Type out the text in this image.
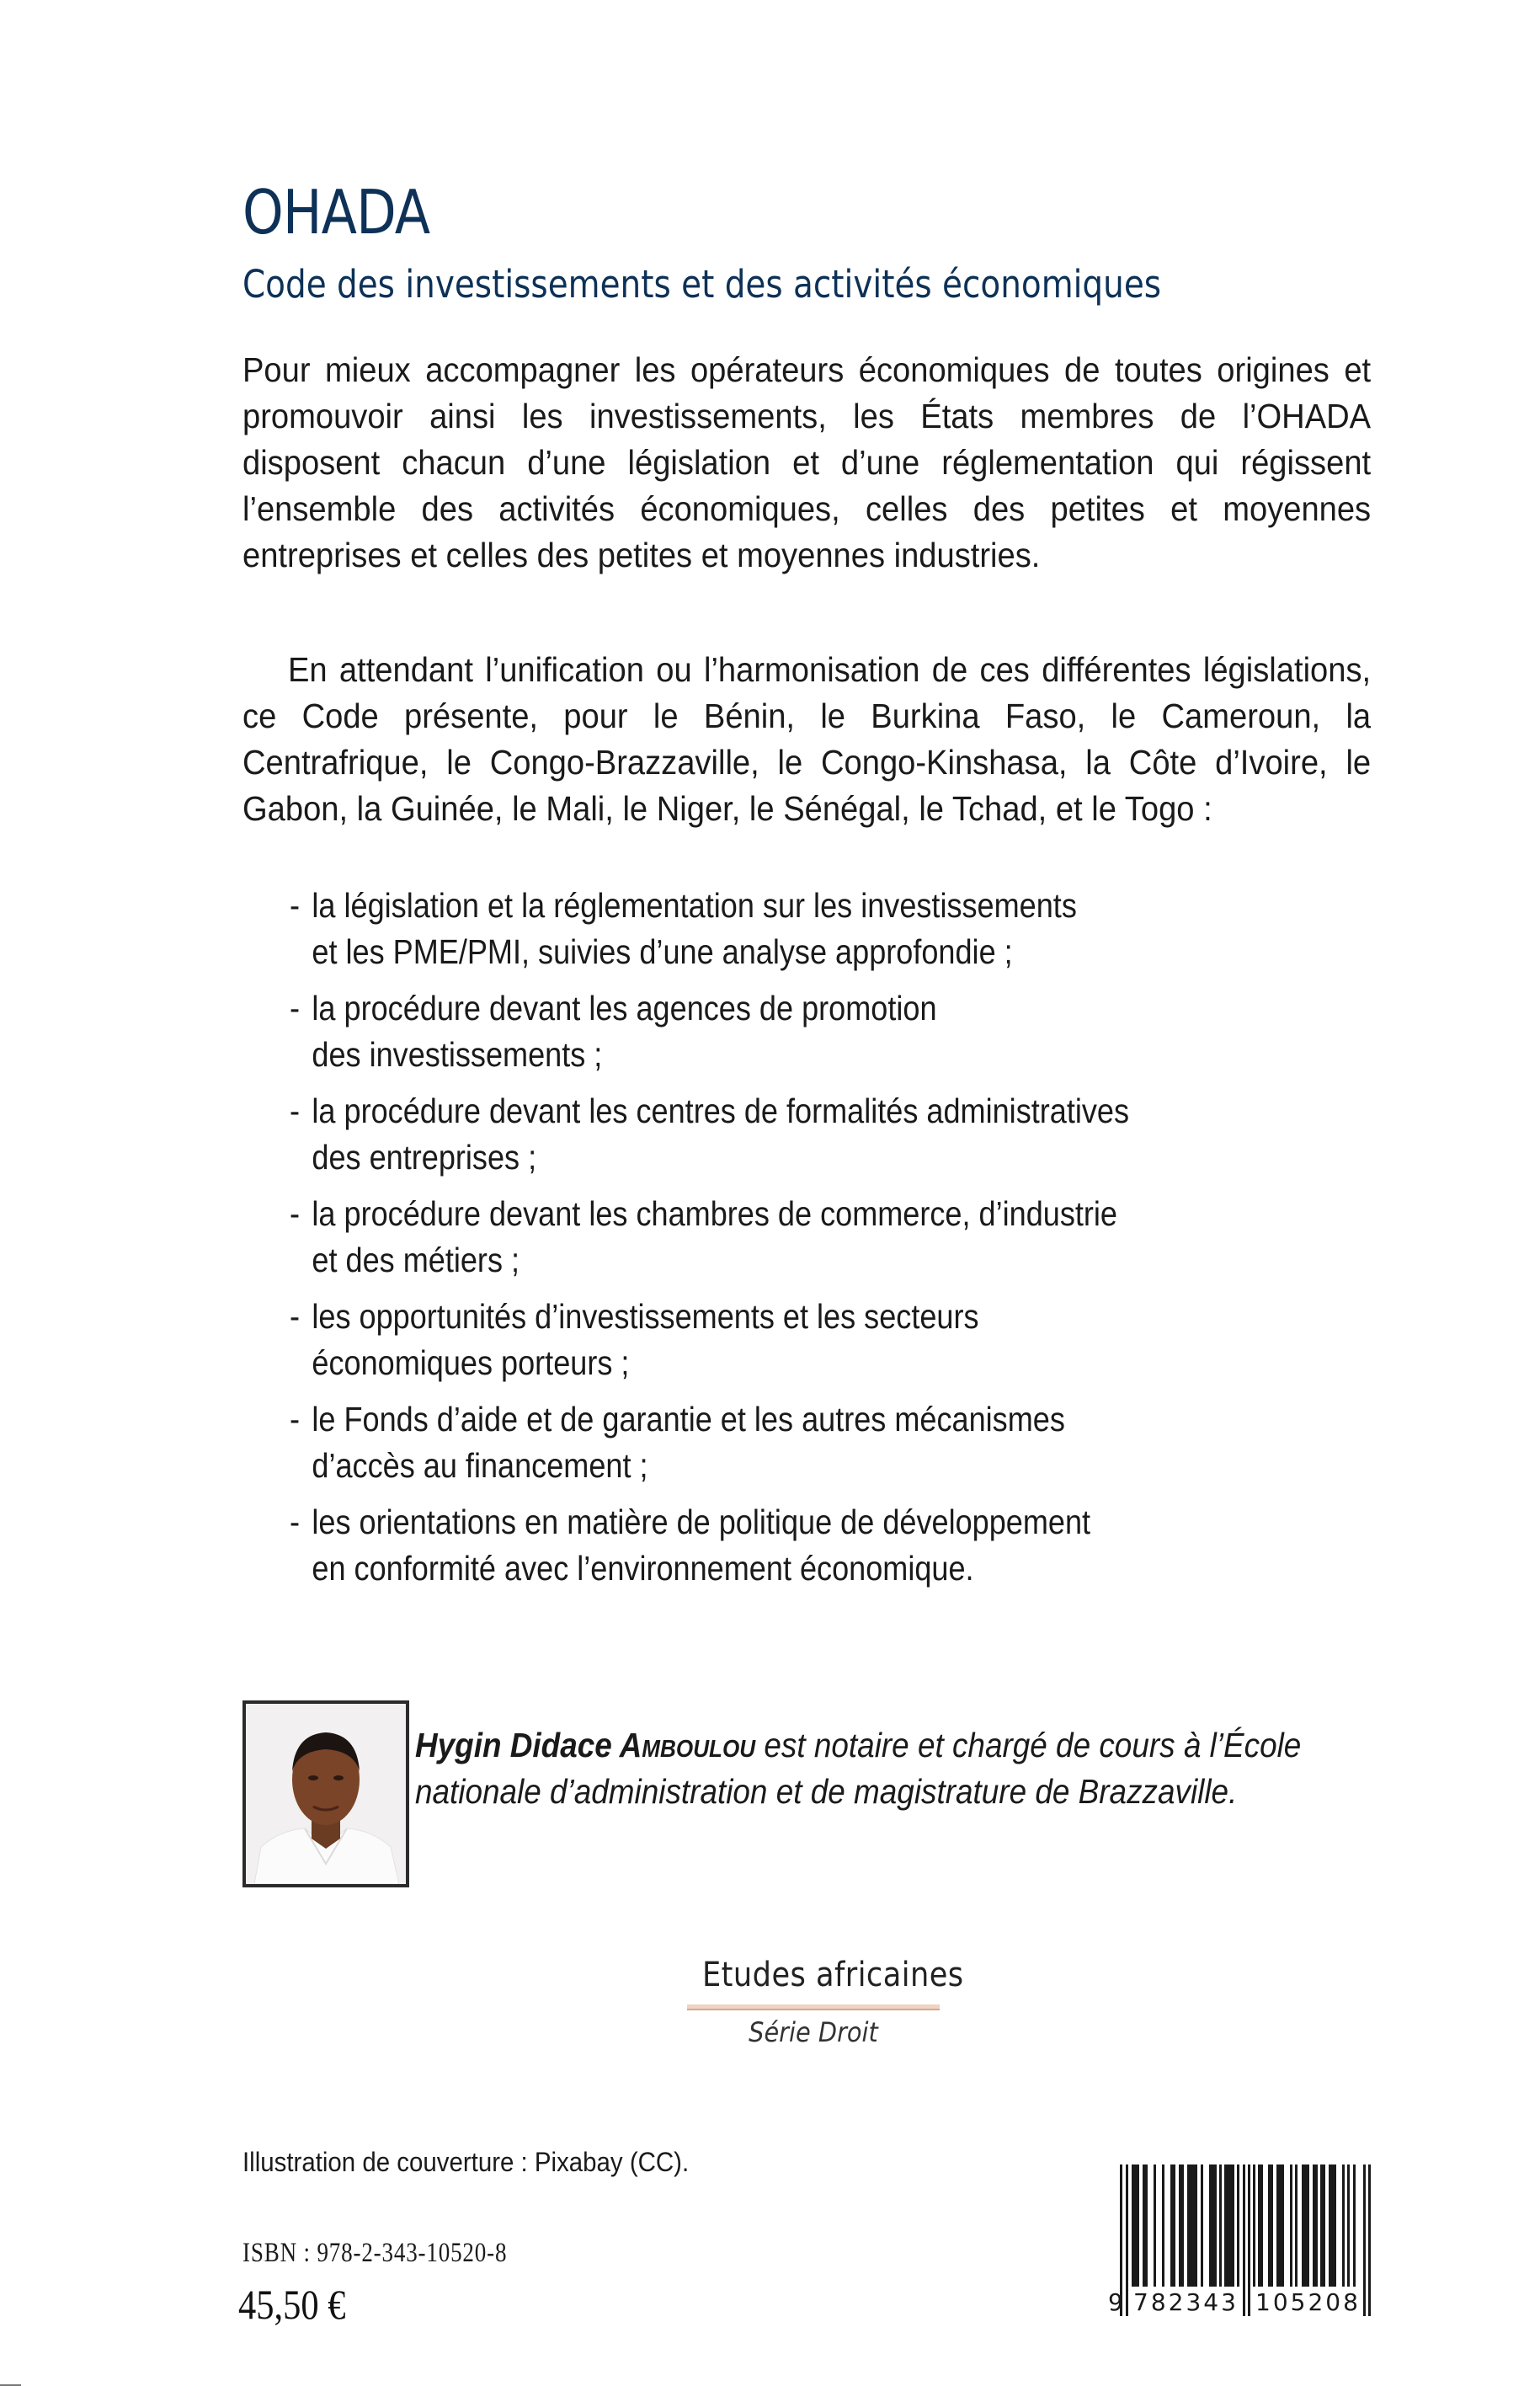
OHADA
Code des investissements et des activités économiques

Pour mieux accompagner les opérateurs économiques de toutes origines et promouvoir ainsi les investissements, les États membres de l’OHADA disposent chacun d’une législation et d’une réglementation qui régissent l’ensemble des activités économiques, celles des petites et moyennes entreprises et celles des petites et moyennes industries.

En attendant l’unification ou l’harmonisation de ces différentes législations, ce Code présente, pour le Bénin, le Burkina Faso, le Cameroun, la Centrafrique, le Congo-Brazzaville, le Congo-Kinshasa, la Côte d’Ivoire, le Gabon, la Guinée, le Mali, le Niger, le Sénégal, le Tchad, et le Togo :

- la législation et la réglementation sur les investissements
et les PME/PMI, suivies d’une analyse approfondie ;
- la procédure devant les agences de promotion
des investissements ;
- la procédure devant les centres de formalités administratives
des entreprises ;
- la procédure devant les chambres de commerce, d’industrie
et des métiers ;
- les opportunités d’investissements et les secteurs
économiques porteurs ;
- le Fonds d’aide et de garantie et les autres mécanismes
d’accès au financement ;
- les orientations en matière de politique de développement
en conformité avec l’environnement économique.
Hygin Didace Amboulou est notaire et chargé de cours à l’École nationale d’administration et de magistrature de Brazzaville.
Etudes africaines
Série Droit
Illustration de couverture : Pixabay (CC).
ISBN : 978-2-343-10520-8
45,50 €	9 782343 105208
